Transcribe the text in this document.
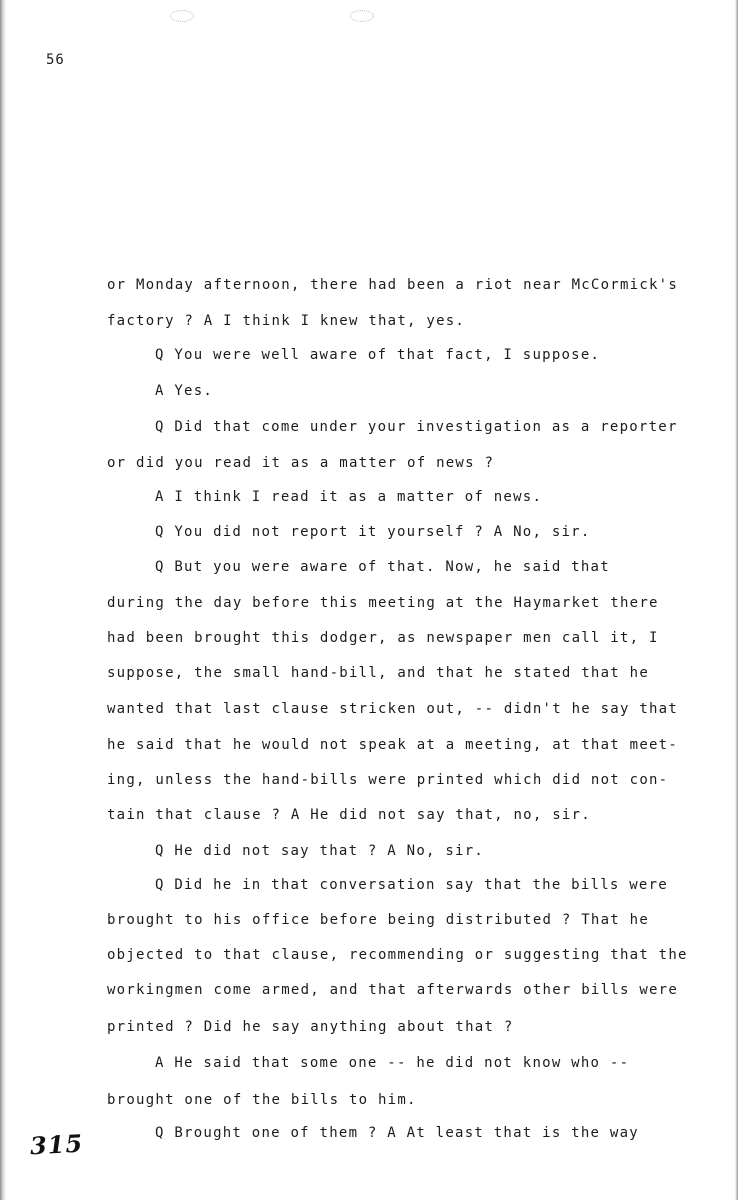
56
or Monday afternoon, there had been a riot near McCormick's
factory ? A I think I knew that, yes.
Q You were well aware of that fact, I suppose.
A Yes.
Q Did that come under your investigation as a reporter
or did you read it as a matter of news ?
A I think I read it as a matter of news.
Q You did not report it yourself ? A No, sir.
Q But you were aware of that. Now, he said that
during the day before this meeting at the Haymarket there
had been brought this dodger, as newspaper men call it, I
suppose, the small hand-bill, and that he stated that he
wanted that last clause stricken out, -- didn't he say that
he said that he would not speak at a meeting, at that meet-
ing, unless the hand-bills were printed which did not con-
tain that clause ? A He did not say that, no, sir.
Q He did not say that ? A No, sir.
Q Did he in that conversation say that the bills were
brought to his office before being distributed ? That he
objected to that clause, recommending or suggesting that the
workingmen come armed, and that afterwards other bills were
printed ? Did he say anything about that ?
A He said that some one -- he did not know who --
brought one of the bills to him.
Q Brought one of them ? A At least that is the way
315
